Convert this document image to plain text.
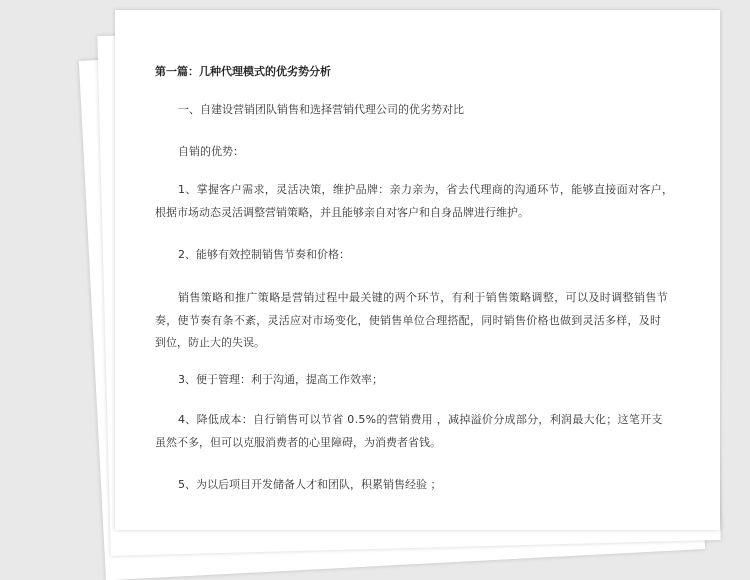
第一篇：几种代理模式的优劣势分析
一、自建设营销团队销售和选择营销代理公司的优劣势对比
自销的优势：
1、掌握客户需求，灵活决策，维护品牌：亲力亲为，省去代理商的沟通环节，能够直接面对客户，
根据市场动态灵活调整营销策略，并且能够亲自对客户和自身品牌进行维护。
2、能够有效控制销售节奏和价格：
销售策略和推广策略是营销过程中最关键的两个环节，有利于销售策略调整，可以及时调整销售节
奏，使节奏有条不紊，灵活应对市场变化，使销售单位合理搭配，同时销售价格也做到灵活多样，及时
到位，防止大的失误。
3、便于管理：利于沟通，提高工作效率；
4、降低成本：自行销售可以节省 0.5%的营销费用 ，减掉溢价分成部分，利润最大化；这笔开支
虽然不多，但可以克服消费者的心里障碍，为消费者省钱。
5、为以后项目开发储备人才和团队，积累销售经验 ；
